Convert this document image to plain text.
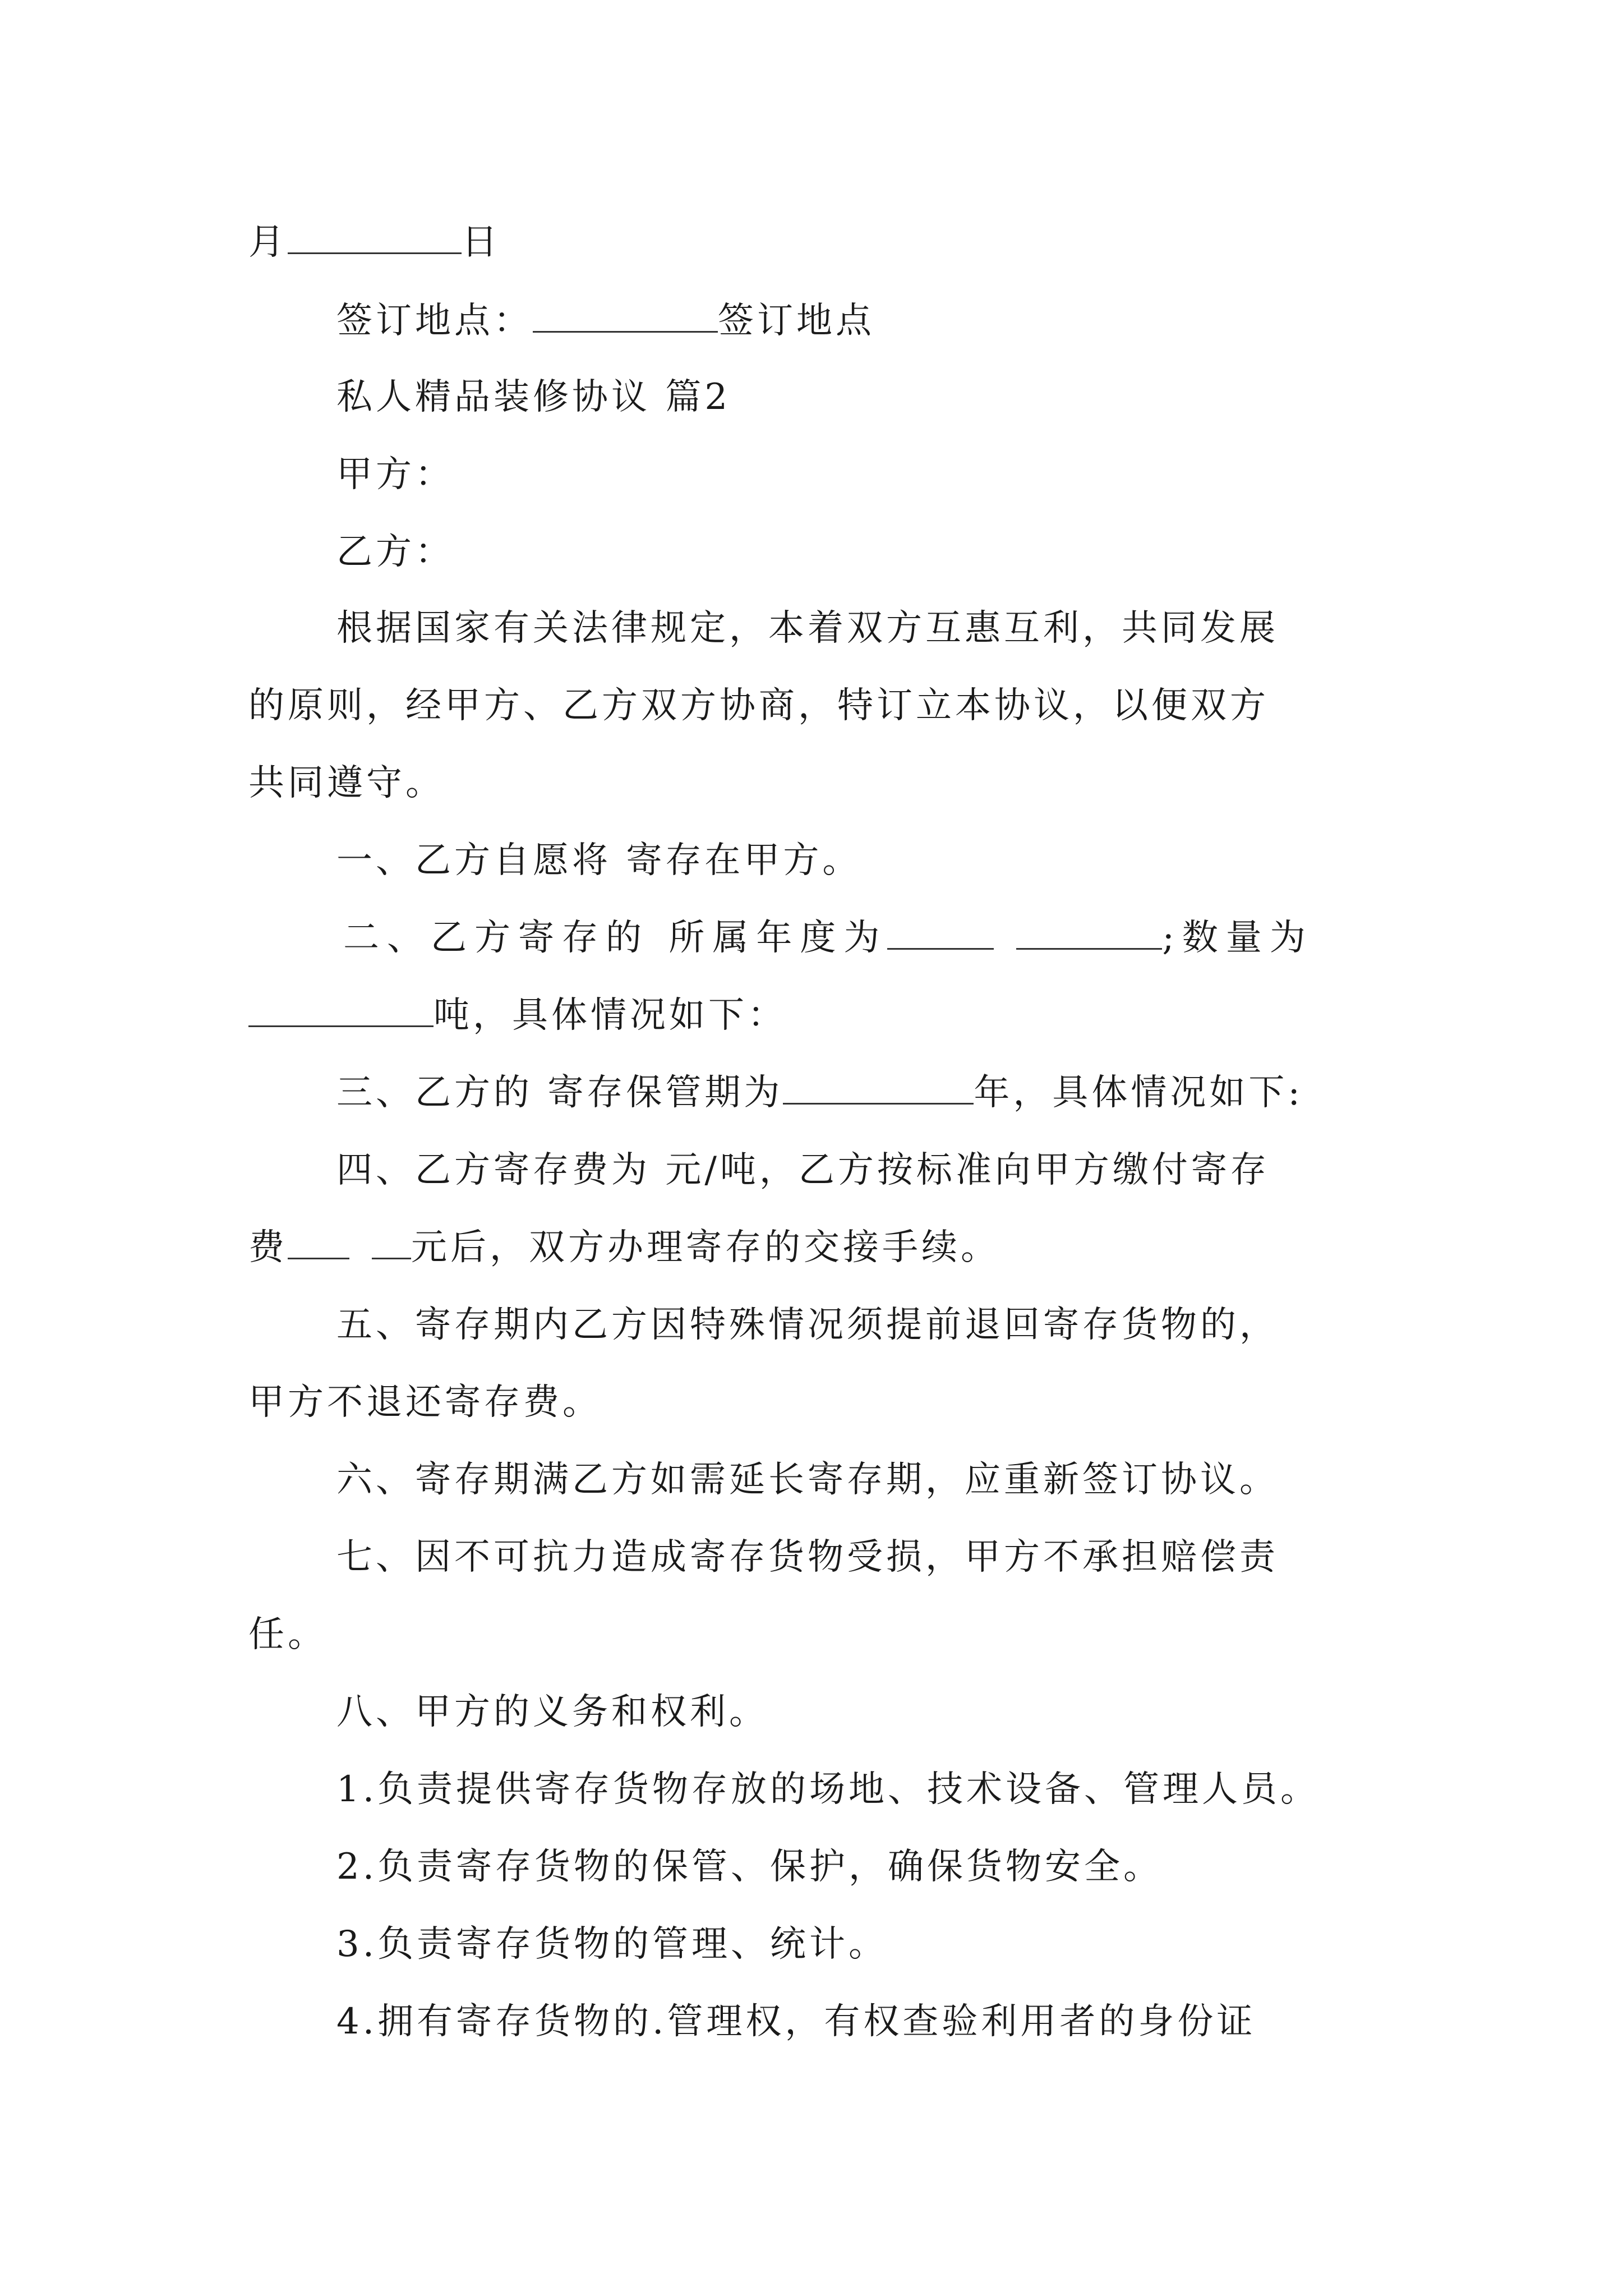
月	日
签订地点：	签订地点
私人精品装修协议 篇2
甲方：
乙方：
根据国家有关法律规定，本着双方互惠互利，共同发展
的原则，经甲方、乙方双方协商，特订立本协议，以便双方
共同遵守。
一、乙方自愿将 寄存在甲方。
二、乙方寄存的 所属年度为	;数量为
吨，具体情况如下：
三、乙方的 寄存保管期为	年，具体情况如下:
四、乙方寄存费为 元/吨，乙方按标准向甲方缴付寄存
费	元后，双方办理寄存的交接手续。
五、寄存期内乙方因特殊情况须提前退回寄存货物的，
甲方不退还寄存费。
六、寄存期满乙方如需延长寄存期，应重新签订协议。
七、因不可抗力造成寄存货物受损，甲方不承担赔偿责
任。
八、甲方的义务和权利。
1.负责提供寄存货物存放的场地、技术设备、管理人员。
2.负责寄存货物的保管、保护，确保货物安全。
3.负责寄存货物的管理、统计。
4.拥有寄存货物的.管理权，有权查验利用者的身份证
